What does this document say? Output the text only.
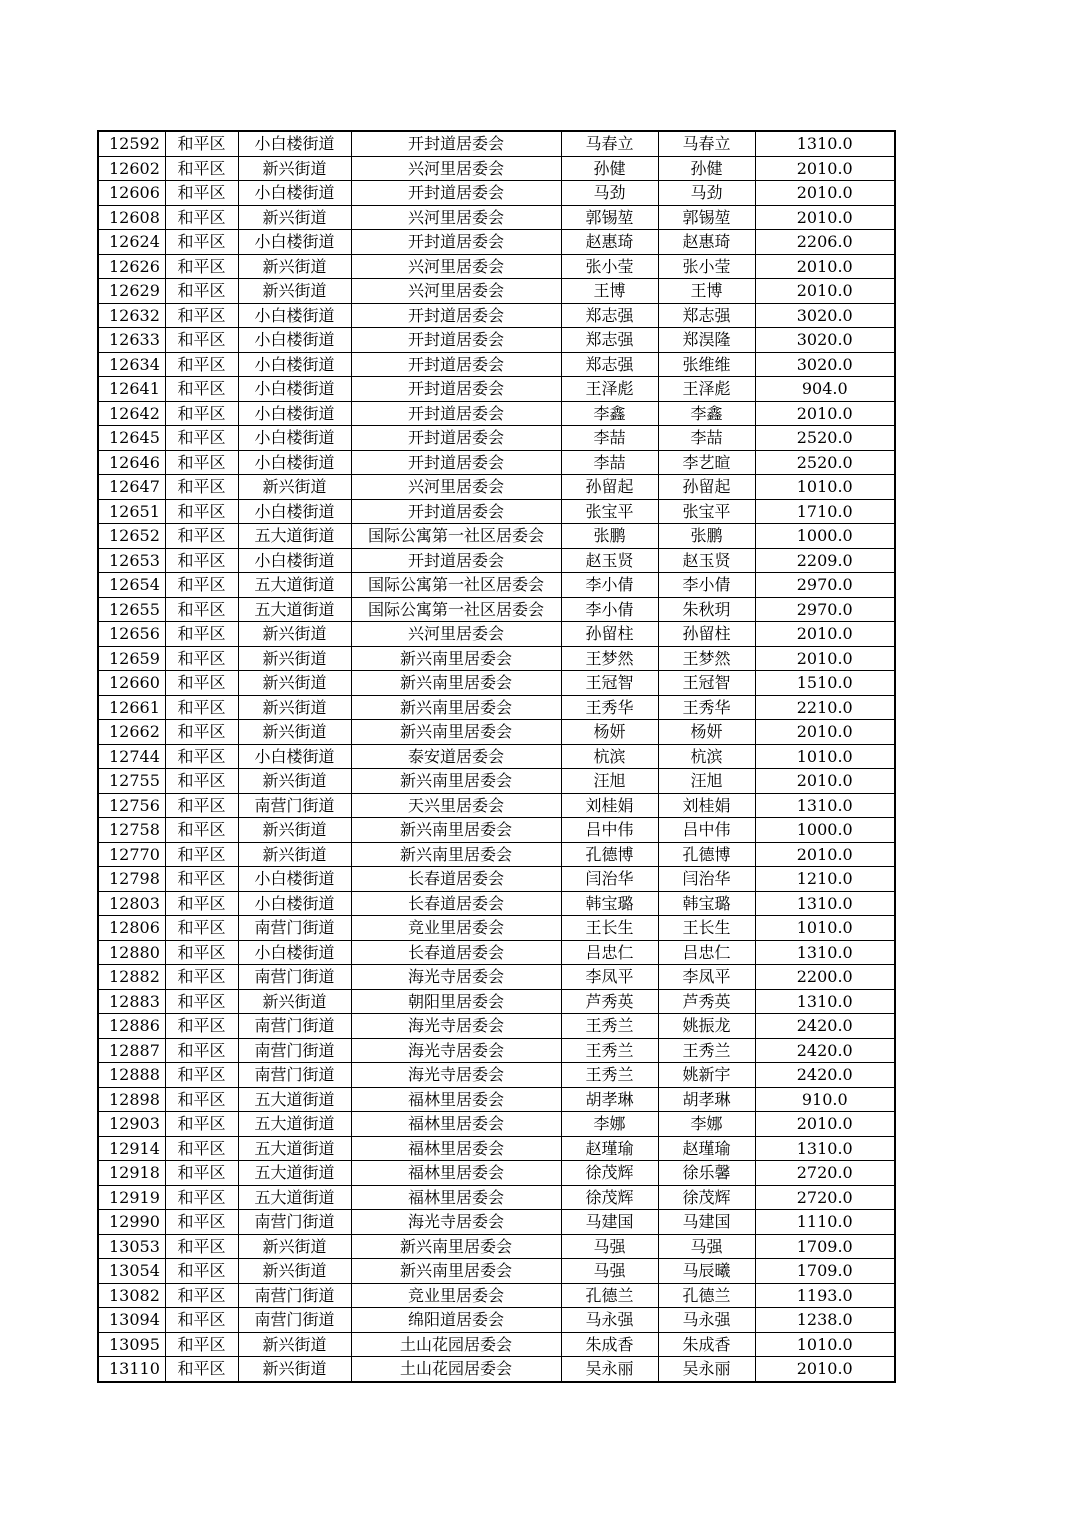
12592	和平区	小白楼街道	开封道居委会	马春立	马春立	1310.0
12602	和平区	新兴街道	兴河里居委会	孙健	孙健	2010.0
12606	和平区	小白楼街道	开封道居委会	马劲	马劲	2010.0
12608	和平区	新兴街道	兴河里居委会	郭锡堃	郭锡堃	2010.0
12624	和平区	小白楼街道	开封道居委会	赵惠琦	赵惠琦	2206.0
12626	和平区	新兴街道	兴河里居委会	张小莹	张小莹	2010.0
12629	和平区	新兴街道	兴河里居委会	王博	王博	2010.0
12632	和平区	小白楼街道	开封道居委会	郑志强	郑志强	3020.0
12633	和平区	小白楼街道	开封道居委会	郑志强	郑淏隆	3020.0
12634	和平区	小白楼街道	开封道居委会	郑志强	张维维	3020.0
12641	和平区	小白楼街道	开封道居委会	王泽彪	王泽彪	904.0
12642	和平区	小白楼街道	开封道居委会	李鑫	李鑫	2010.0
12645	和平区	小白楼街道	开封道居委会	李喆	李喆	2520.0
12646	和平区	小白楼街道	开封道居委会	李喆	李艺暄	2520.0
12647	和平区	新兴街道	兴河里居委会	孙留起	孙留起	1010.0
12651	和平区	小白楼街道	开封道居委会	张宝平	张宝平	1710.0
12652	和平区	五大道街道	国际公寓第一社区居委会	张鹏	张鹏	1000.0
12653	和平区	小白楼街道	开封道居委会	赵玉贤	赵玉贤	2209.0
12654	和平区	五大道街道	国际公寓第一社区居委会	李小倩	李小倩	2970.0
12655	和平区	五大道街道	国际公寓第一社区居委会	李小倩	朱秋玥	2970.0
12656	和平区	新兴街道	兴河里居委会	孙留柱	孙留柱	2010.0
12659	和平区	新兴街道	新兴南里居委会	王梦然	王梦然	2010.0
12660	和平区	新兴街道	新兴南里居委会	王冠智	王冠智	1510.0
12661	和平区	新兴街道	新兴南里居委会	王秀华	王秀华	2210.0
12662	和平区	新兴街道	新兴南里居委会	杨妍	杨妍	2010.0
12744	和平区	小白楼街道	泰安道居委会	杭滨	杭滨	1010.0
12755	和平区	新兴街道	新兴南里居委会	汪旭	汪旭	2010.0
12756	和平区	南营门街道	天兴里居委会	刘桂娟	刘桂娟	1310.0
12758	和平区	新兴街道	新兴南里居委会	吕中伟	吕中伟	1000.0
12770	和平区	新兴街道	新兴南里居委会	孔德博	孔德博	2010.0
12798	和平区	小白楼街道	长春道居委会	闫治华	闫治华	1210.0
12803	和平区	小白楼街道	长春道居委会	韩宝璐	韩宝璐	1310.0
12806	和平区	南营门街道	竞业里居委会	王长生	王长生	1010.0
12880	和平区	小白楼街道	长春道居委会	吕忠仁	吕忠仁	1310.0
12882	和平区	南营门街道	海光寺居委会	李凤平	李凤平	2200.0
12883	和平区	新兴街道	朝阳里居委会	芦秀英	芦秀英	1310.0
12886	和平区	南营门街道	海光寺居委会	王秀兰	姚振龙	2420.0
12887	和平区	南营门街道	海光寺居委会	王秀兰	王秀兰	2420.0
12888	和平区	南营门街道	海光寺居委会	王秀兰	姚新宇	2420.0
12898	和平区	五大道街道	福林里居委会	胡孝琳	胡孝琳	910.0
12903	和平区	五大道街道	福林里居委会	李娜	李娜	2010.0
12914	和平区	五大道街道	福林里居委会	赵瑾瑜	赵瑾瑜	1310.0
12918	和平区	五大道街道	福林里居委会	徐茂辉	徐乐馨	2720.0
12919	和平区	五大道街道	福林里居委会	徐茂辉	徐茂辉	2720.0
12990	和平区	南营门街道	海光寺居委会	马建国	马建国	1110.0
13053	和平区	新兴街道	新兴南里居委会	马强	马强	1709.0
13054	和平区	新兴街道	新兴南里居委会	马强	马辰曦	1709.0
13082	和平区	南营门街道	竞业里居委会	孔德兰	孔德兰	1193.0
13094	和平区	南营门街道	绵阳道居委会	马永强	马永强	1238.0
13095	和平区	新兴街道	土山花园居委会	朱成香	朱成香	1010.0
13110	和平区	新兴街道	土山花园居委会	吴永丽	吴永丽	2010.0
